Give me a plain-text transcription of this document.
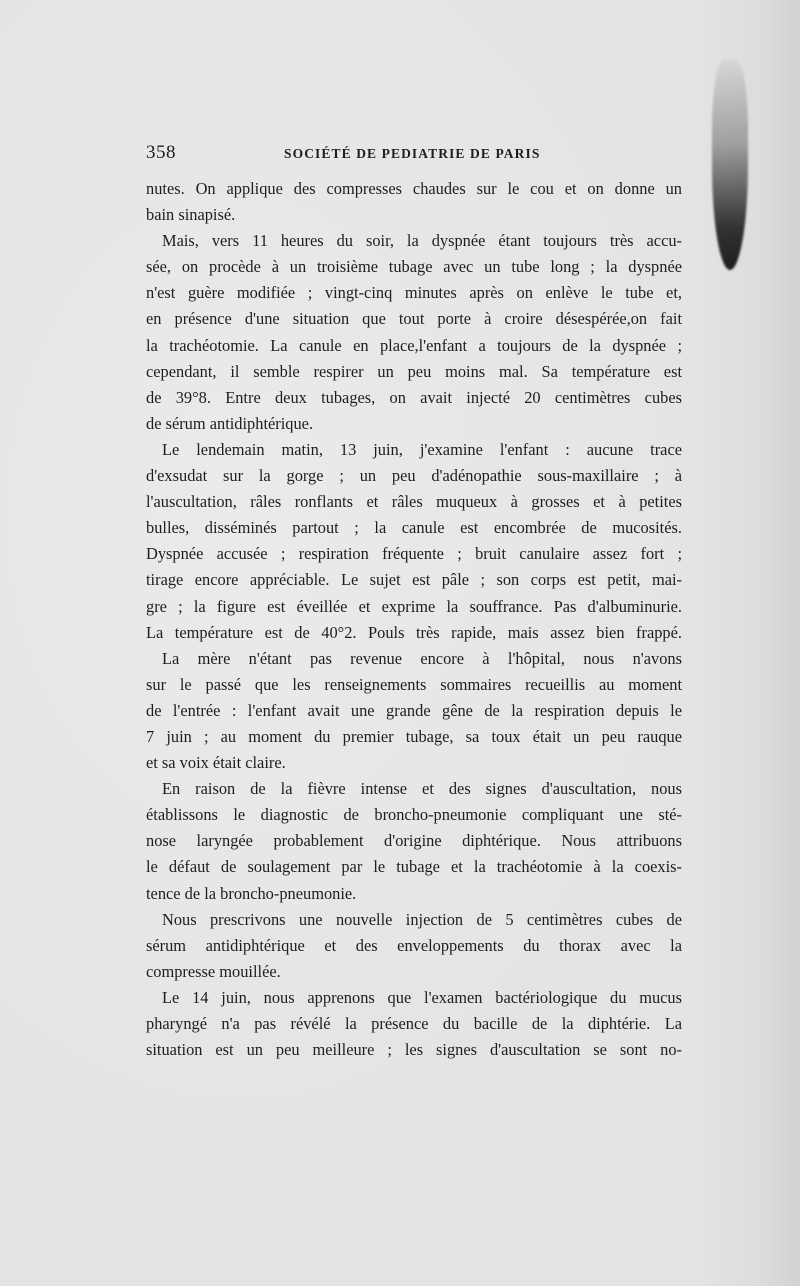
358	SOCIÉTÉ DE PEDIATRIE DE PARIS
nutes. On applique des compresses chaudes sur le cou et on donne un
bain sinapisé.
Mais, vers 11 heures du soir, la dyspnée étant toujours très accu-
sée, on procède à un troisième tubage avec un tube long ; la dyspnée
n'est guère modifiée ; vingt-cinq minutes après on enlève le tube et,
en présence d'une situation que tout porte à croire désespérée,on fait
la trachéotomie. La canule en place,l'enfant a toujours de la dyspnée ;
cependant, il semble respirer un peu moins mal. Sa température est
de 39°8. Entre deux tubages, on avait injecté 20 centimètres cubes
de sérum antidiphtérique.
Le lendemain matin, 13 juin, j'examine l'enfant : aucune trace
d'exsudat sur la gorge ; un peu d'adénopathie sous-maxillaire ; à
l'auscultation, râles ronflants et râles muqueux à grosses et à petites
bulles, disséminés partout ; la canule est encombrée de mucosités.
Dyspnée accusée ; respiration fréquente ; bruit canulaire assez fort ;
tirage encore appréciable. Le sujet est pâle ; son corps est petit, mai-
gre ; la figure est éveillée et exprime la souffrance. Pas d'albuminurie.
La température est de 40°2. Pouls très rapide, mais assez bien frappé.
La mère n'étant pas revenue encore à l'hôpital, nous n'avons
sur le passé que les renseignements sommaires recueillis au moment
de l'entrée : l'enfant avait une grande gêne de la respiration depuis le
7 juin ; au moment du premier tubage, sa toux était un peu rauque
et sa voix était claire.
En raison de la fièvre intense et des signes d'auscultation, nous
établissons le diagnostic de broncho-pneumonie compliquant une sté-
nose laryngée probablement d'origine diphtérique. Nous attribuons
le défaut de soulagement par le tubage et la trachéotomie à la coexis-
tence de la broncho-pneumonie.
Nous prescrivons une nouvelle injection de 5 centimètres cubes de
sérum antidiphtérique et des enveloppements du thorax avec la
compresse mouillée.
Le 14 juin, nous apprenons que l'examen bactériologique du mucus
pharyngé n'a pas révélé la présence du bacille de la diphtérie. La
situation est un peu meilleure ; les signes d'auscultation se sont no-
